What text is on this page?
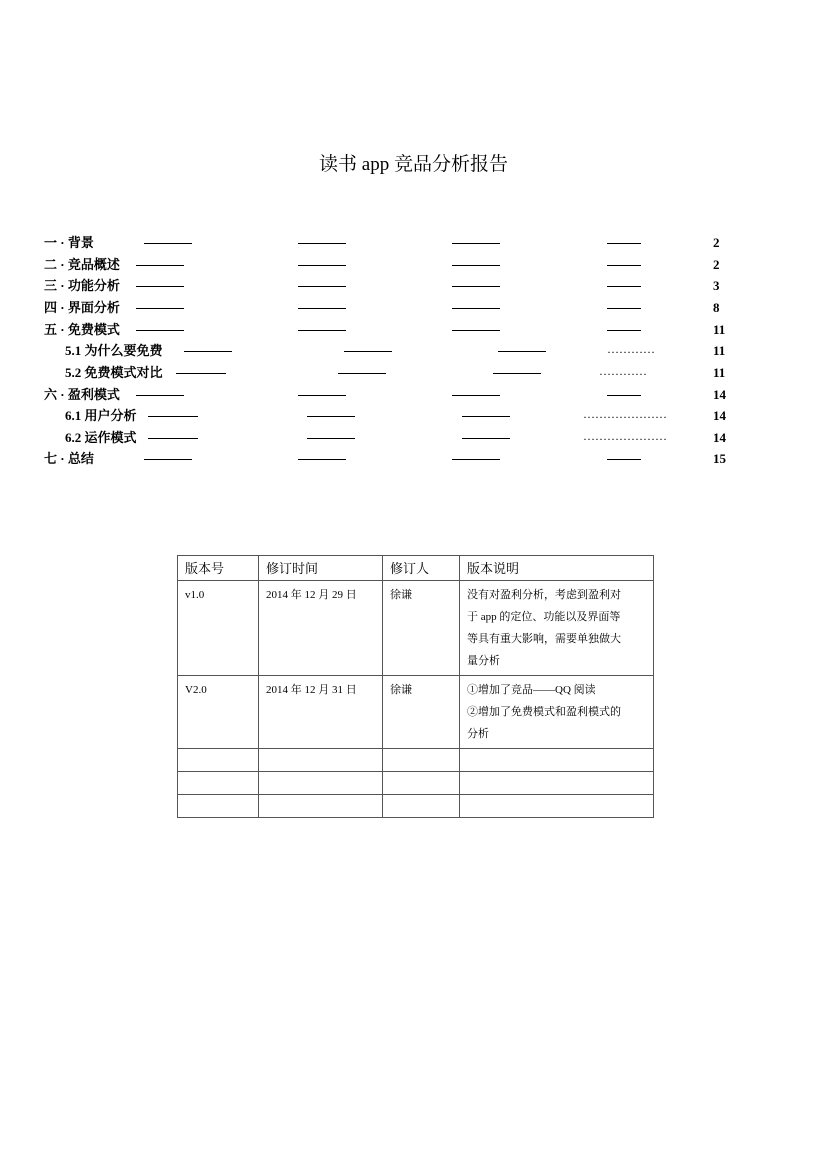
读书 app 竞品分析报告
一 · 背景	2
二 · 竞品概述	2
三 · 功能分析	3
四 · 界面分析	8
五 · 免费模式	11
5.1 为什么要免费	…………	11
5.2 免费模式对比	…………	11
六 · 盈利模式	14
6.1 用户分析	…………………	14
6.2 运作模式	…………………	14
七 · 总结	15
版本号	修订时间	修订人	版本说明
v1.0	2014 年 12 月 29 日	徐谦	没有对盈利分析，考虑到盈利对
于 app 的定位、功能以及界面等
等具有重大影响，需要单独做大
量分析

V2.0	2014 年 12 月 31 日	徐谦	①增加了竞品——QQ 阅读
②增加了免费模式和盈利模式的
分析
